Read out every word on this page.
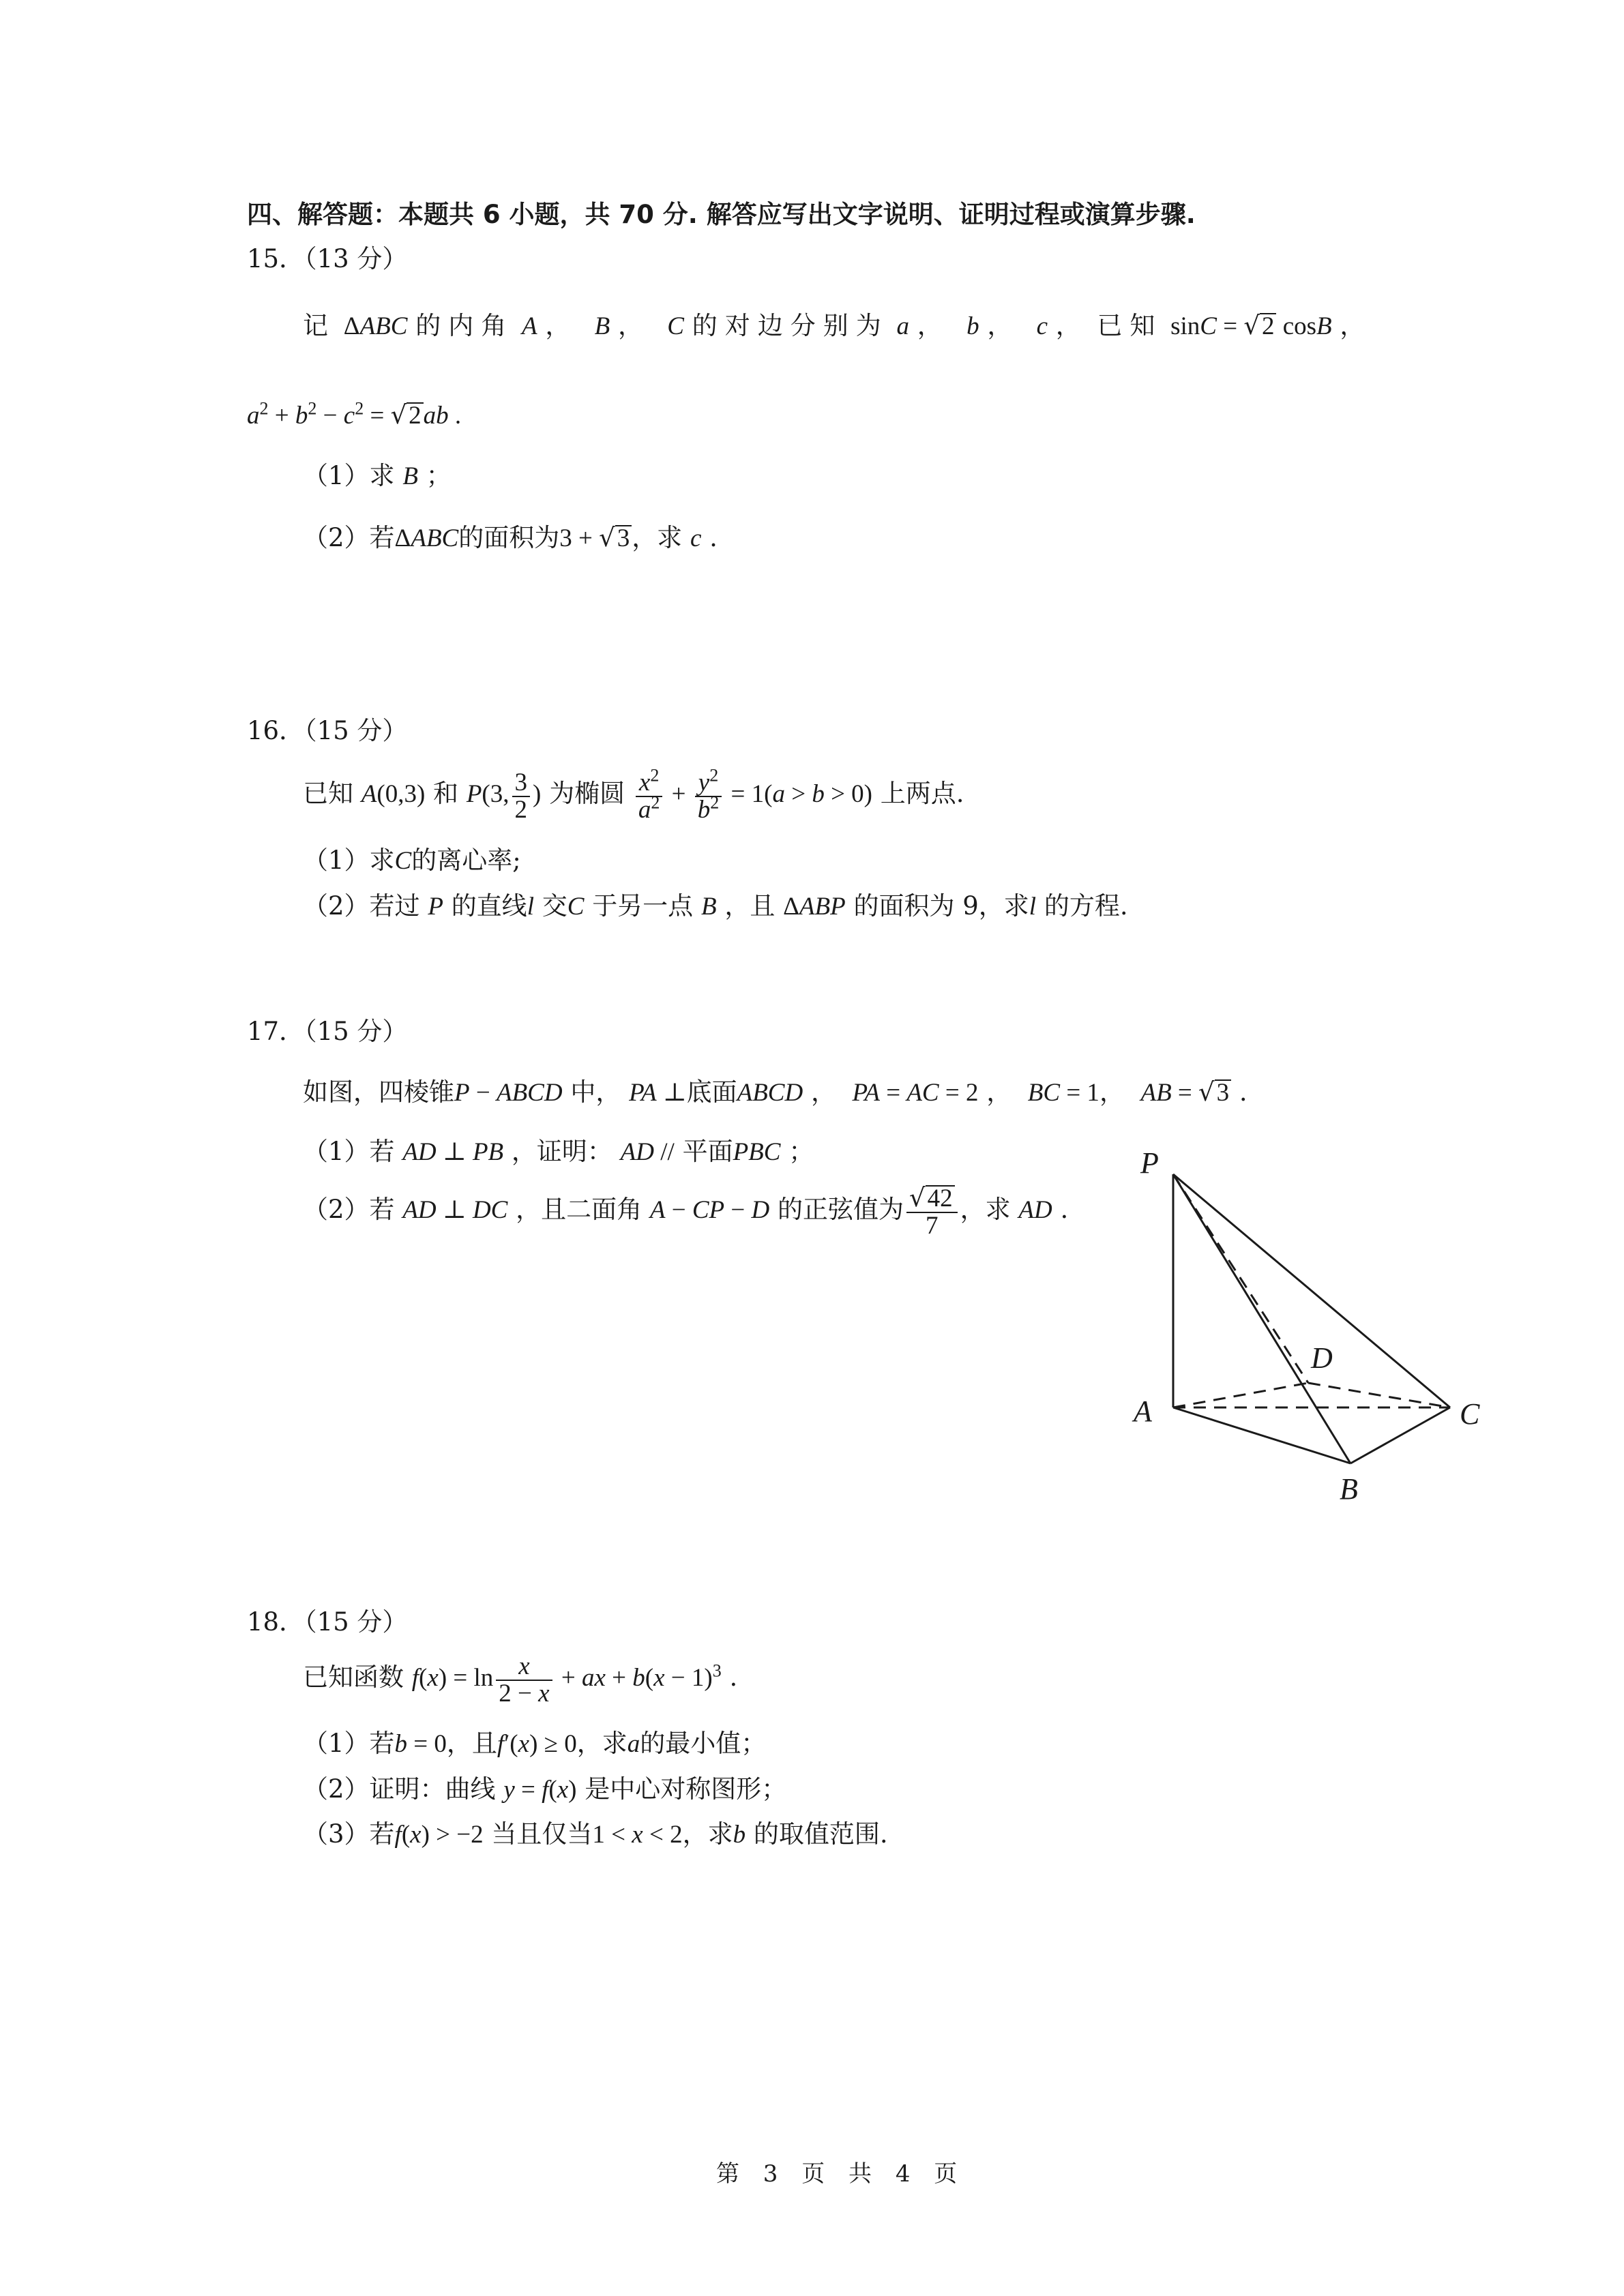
四、解答题：本题共 6 小题，共 70 分. 解答应写出文字说明、证明过程或演算步骤.
15．（13 分）
记 ΔABC 的内角 A ，   B ，   C 的对边分别为 a ，   b ，   c ，  已知 sinC = √2 cosB ，
$a^2 + b^2 - c^2 = √2ab$ .
（1）求 B ；
（2）若ΔABC的面积为3 + √3，求 c .
16．（15 分）
已知 A(0,3) 和 P(3, $\frac{3}{2}$ ) 为椭圆 $\frac{x^2}{a^2} + \frac{y^2}{b^2} = 1(a > b > 0)$ 上两点.
（1）求C的离心率;
（2）若过 P 的直线l 交C 于另一点 B ，且 ΔABP 的面积为 9，求l 的方程.
17．（15 分）
如图，四棱锥P − ABCD 中， PA ⊥底面ABCD ，  PA = AC = 2 ，  BC = 1，  AB = √3 .
（1）若 AD ⊥ PB ，证明： AD // 平面PBC ；
（2）若 AD ⊥ DC ，且二面角 A − CP − D 的正弦值为 $\frac{√42}{7}$ ，求 AD .
P
A
B
C
D
18．（15 分）
已知函数 $f(x) = \ln \frac{x}{2 - x}$ + ax + $b(x - 1)^3$ .
（1）若b = 0，且f′(x) ≥ 0，求a的最小值；
（2）证明：曲线 y = f(x) 是中心对称图形；
（3）若f(x) > −2 当且仅当1 < x < 2，求b 的取值范围.
第 3 页 共 4 页
